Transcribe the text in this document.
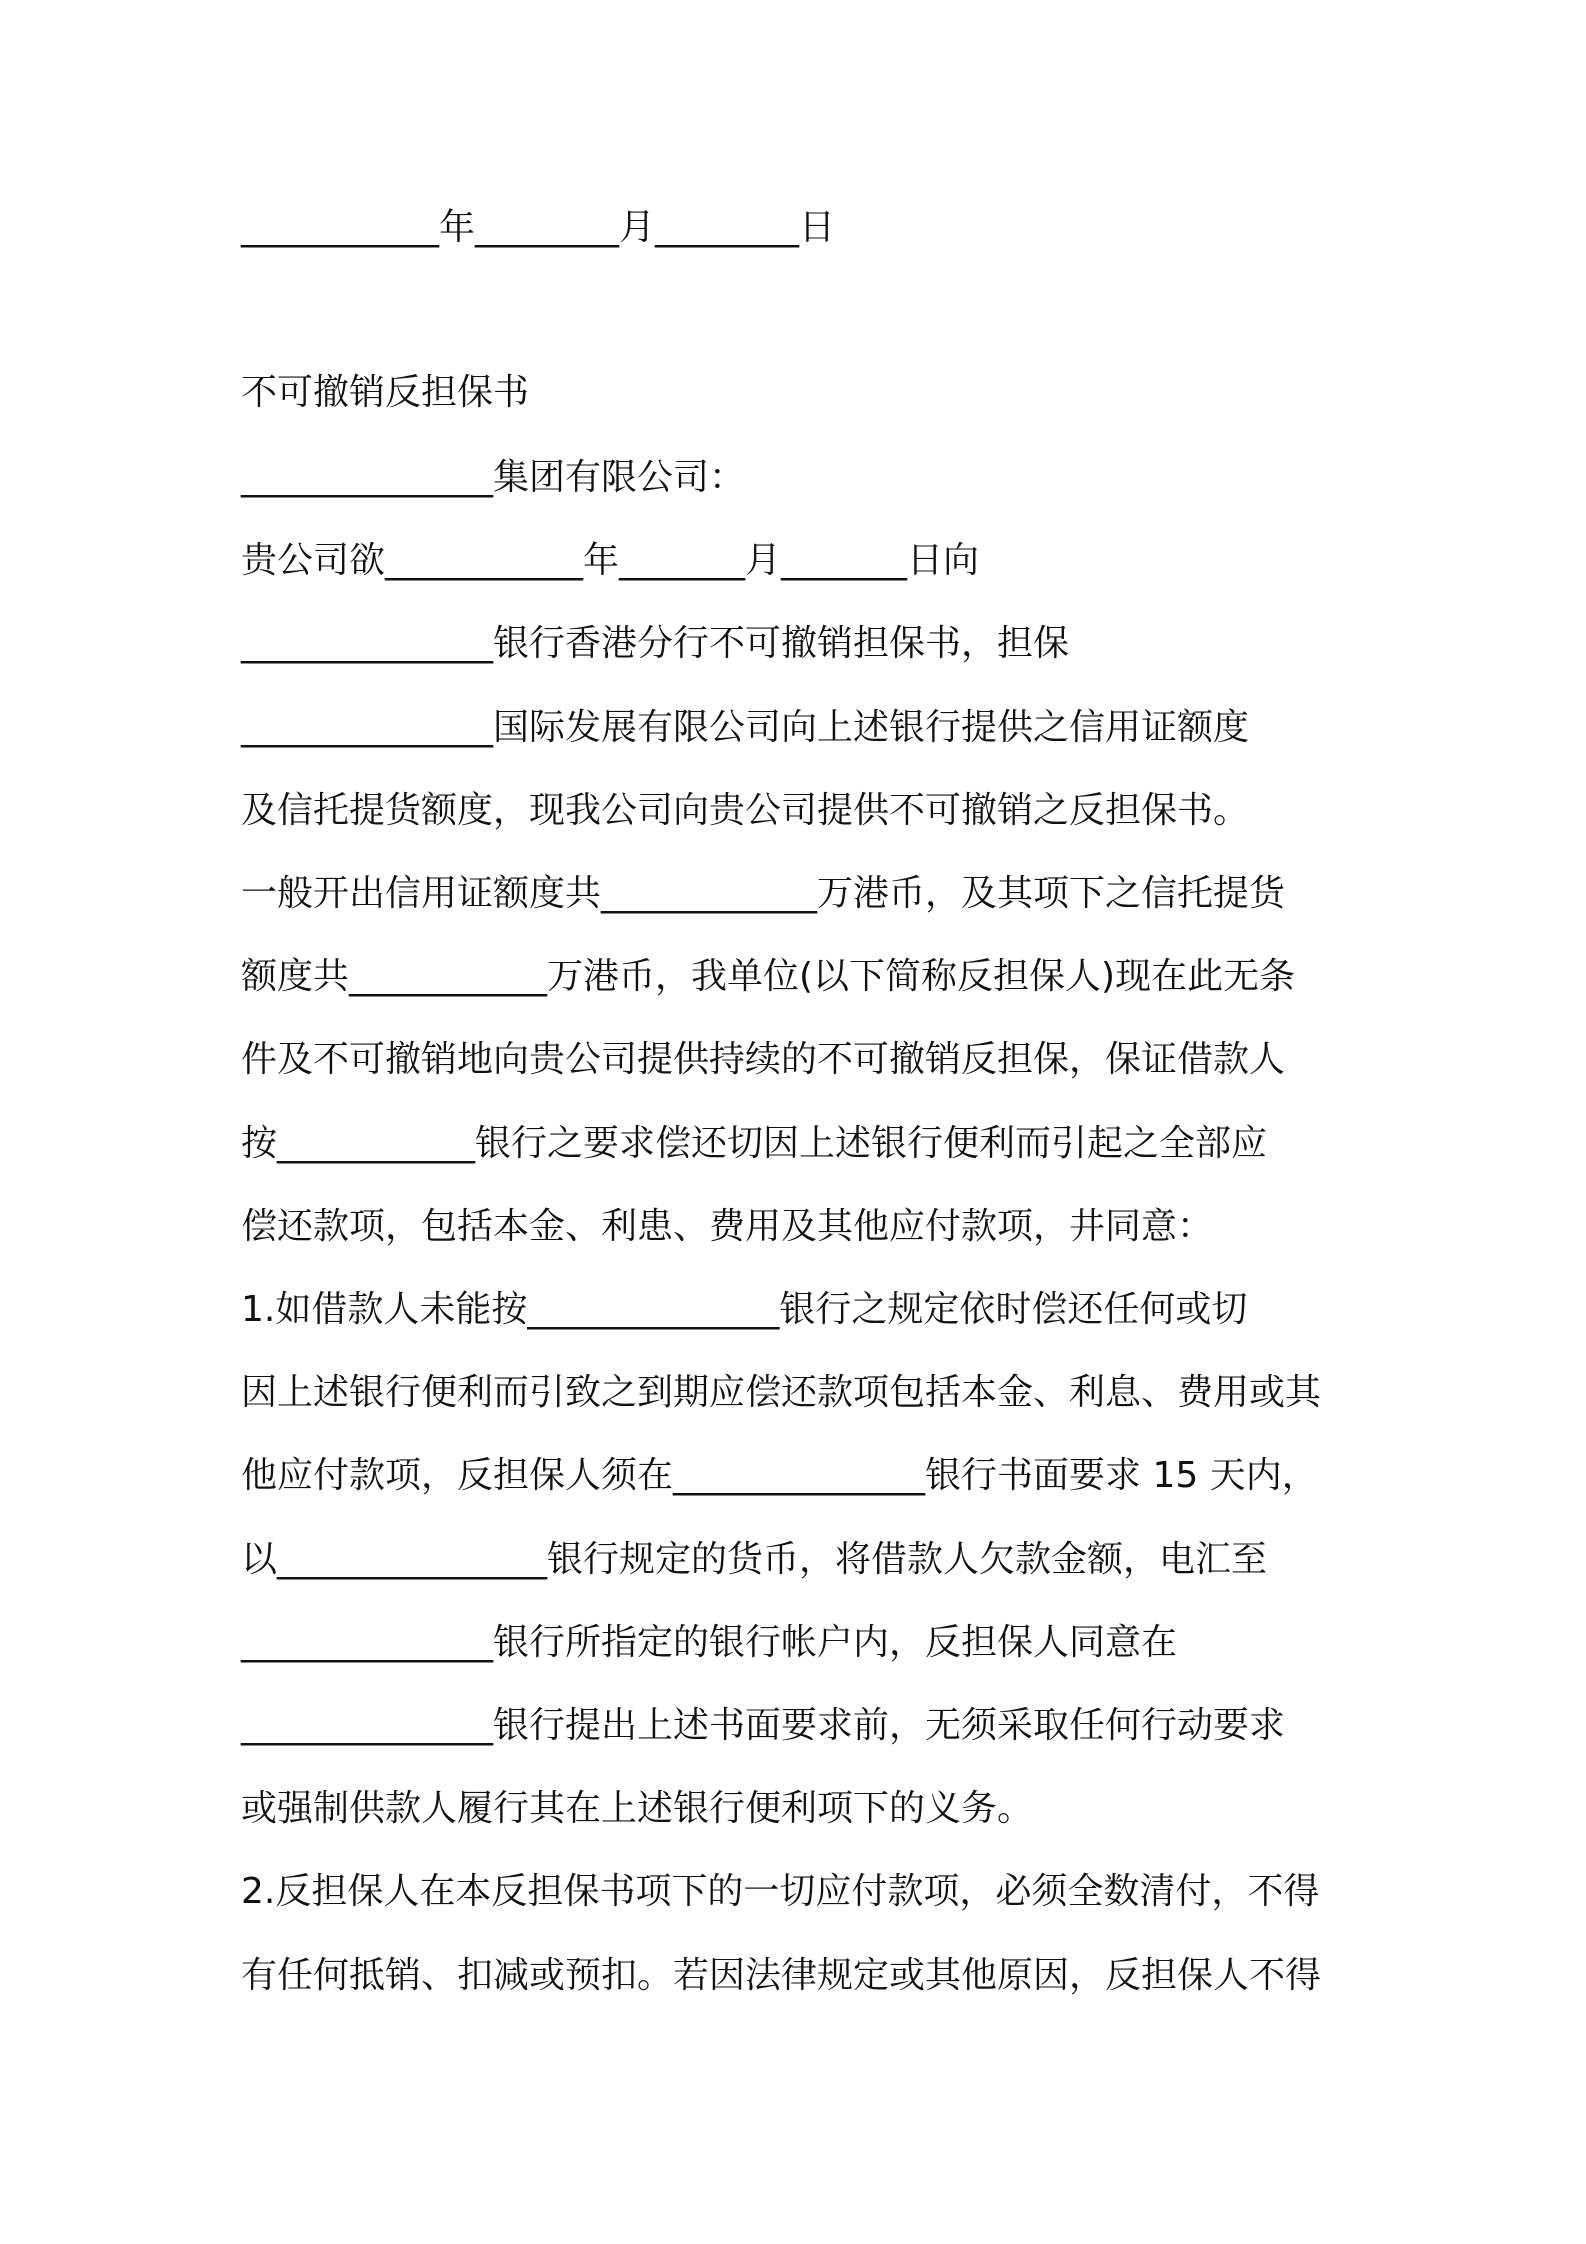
___________年________月________日

不可撤销反担保书

______________集团有限公司：

贵公司欲___________年_______月_______日向

______________银行香港分行不可撤销担保书，担保

______________国际发展有限公司向上述银行提供之信用证额度

及信托提货额度，现我公司向贵公司提供不可撤销之反担保书。

一般开出信用证额度共____________万港币，及其项下之信托提货

额度共___________万港币，我单位(以下简称反担保人)现在此无条

件及不可撤销地向贵公司提供持续的不可撤销反担保，保证借款人

按___________银行之要求偿还切因上述银行便利而引起之全部应

偿还款项，包括本金、利患、费用及其他应付款项，井同意：

1.如借款人未能按______________银行之规定依时偿还任何或切

因上述银行便利而引致之到期应偿还款项包括本金、利息、费用或其

他应付款项，反担保人须在______________银行书面要求 15 天内，

以_______________银行规定的货币，将借款人欠款金额，电汇至

______________银行所指定的银行帐户内，反担保人同意在

______________银行提出上述书面要求前，无须采取任何行动要求

或强制供款人履行其在上述银行便利项下的义务。

2.反担保人在本反担保书项下的一切应付款项，必须全数清付，不得

有任何抵销、扣减或预扣。若因法律规定或其他原因，反担保人不得
